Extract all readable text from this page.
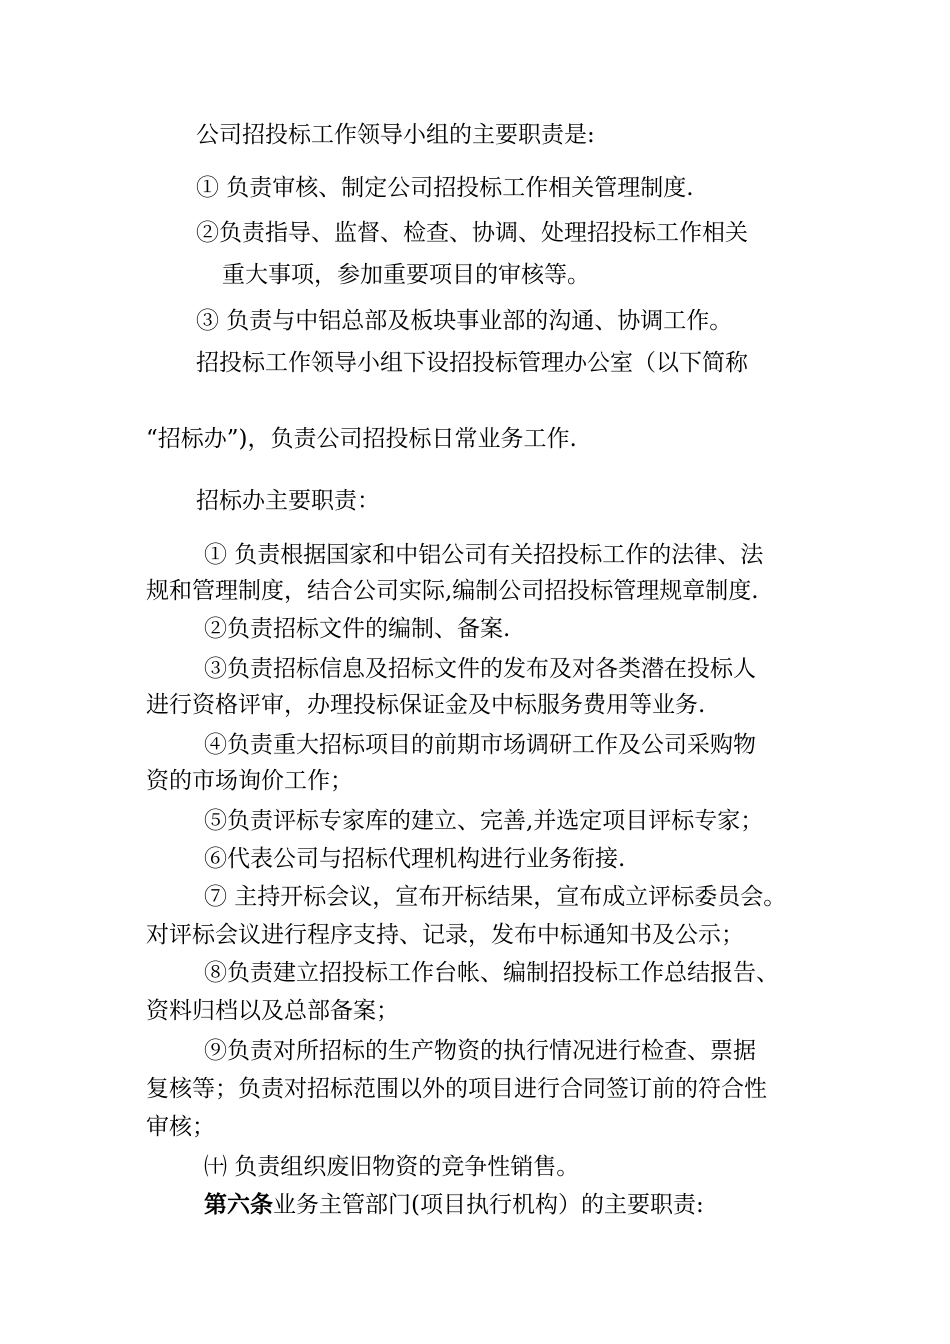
公司招投标工作领导小组的主要职责是:

① 负责审核、制定公司招投标工作相关管理制度.

②负责指导、监督、检查、协调、处理招投标工作相关

重大事项，参加重要项目的审核等。

③ 负责与中铝总部及板块事业部的沟通、协调工作。

招投标工作领导小组下设招投标管理办公室（以下简称

“招标办”)，负责公司招投标日常业务工作.

招标办主要职责：

① 负责根据国家和中铝公司有关招投标工作的法律、法

规和管理制度，结合公司实际,编制公司招投标管理规章制度.

②负责招标文件的编制、备案.

③负责招标信息及招标文件的发布及对各类潜在投标人

进行资格评审，办理投标保证金及中标服务费用等业务.

④负责重大招标项目的前期市场调研工作及公司采购物

资的市场询价工作；

⑤负责评标专家库的建立、完善,并选定项目评标专家；

⑥代表公司与招标代理机构进行业务衔接.

⑦ 主持开标会议，宣布开标结果，宣布成立评标委员会。

对评标会议进行程序支持、记录，发布中标通知书及公示；

⑧负责建立招投标工作台帐、编制招投标工作总结报告、

资料归档以及总部备案；

⑨负责对所招标的生产物资的执行情况进行检查、票据

复核等；负责对招标范围以外的项目进行合同签订前的符合性

审核；

㈩ 负责组织废旧物资的竞争性销售。

第六条业务主管部门(项目执行机构）的主要职责:
